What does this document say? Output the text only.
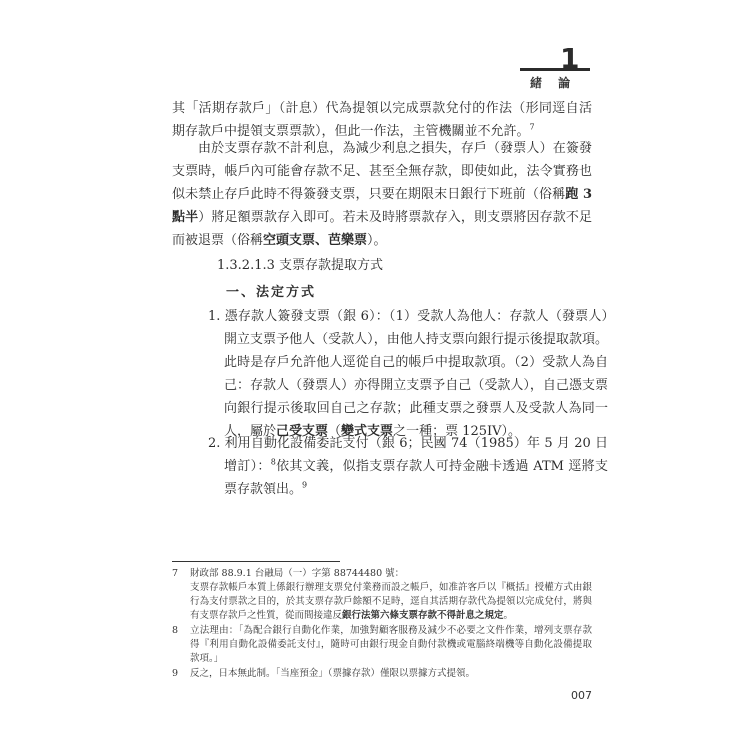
1
緒 論
其「活期存款戶」（計息）代為提領以完成票款兌付的作法（形同逕自活期存款戶中提領支票票款），但此一作法，主管機關並不允許。$^7$
由於支票存款不計利息，為減少利息之損失，存戶（發票人）在簽發支票時，帳戶內可能會存款不足、甚至全無存款，即使如此，法令實務也似未禁止存戶此時不得簽發支票，只要在期限末日銀行下班前（俗稱跑 3 點半）將足額票款存入即可。若未及時將票款存入，則支票將因存款不足而被退票（俗稱空頭支票、芭樂票）。
1.3.2.1.3 支票存款提取方式
一、法定方式
1. 憑存款人簽發支票（銀 6）：（1）受款人為他人：存款人（發票人）開立支票予他人（受款人），由他人持支票向銀行提示後提取款項。此時是存戶允許他人逕從自己的帳戶中提取款項。（2）受款人為自己：存款人（發票人）亦得開立支票予自己（受款人），自己憑支票向銀行提示後取回自己之存款；此種支票之發票人及受款人為同一人，屬於己受支票（變式支票之一種；票 125IV）。
2. 利用自動化設備委託支付（銀 6；民國 74（1985）年 5 月 20 日增訂）：$^8$依其文義，似指支票存款人可持金融卡透過 ATM 逕將支票存款領出。$^9$
7 財政部 88.9.1 台融局（一）字第 88744480 號：
支票存款帳戶本質上係銀行辦理支票兌付業務而設之帳戶，如准許客戶以『概括』授權方式由銀行為支付票款之目的，於其支票存款戶餘額不足時，逕自其活期存款代為提領以完成兌付，將與有支票存款戶之性質，從而間接違反銀行法第六條支票存款不得計息之規定。
8 立法理由：「為配合銀行自動化作業，加強對顧客服務及減少不必要之文件作業，增列支票存款得『利用自動化設備委託支付』，隨時可由銀行現金自動付款機或電腦終端機等自動化設備提取款項。」
9 反之，日本無此制。「当座預金」（票據存款）僅限以票據方式提領。
007
